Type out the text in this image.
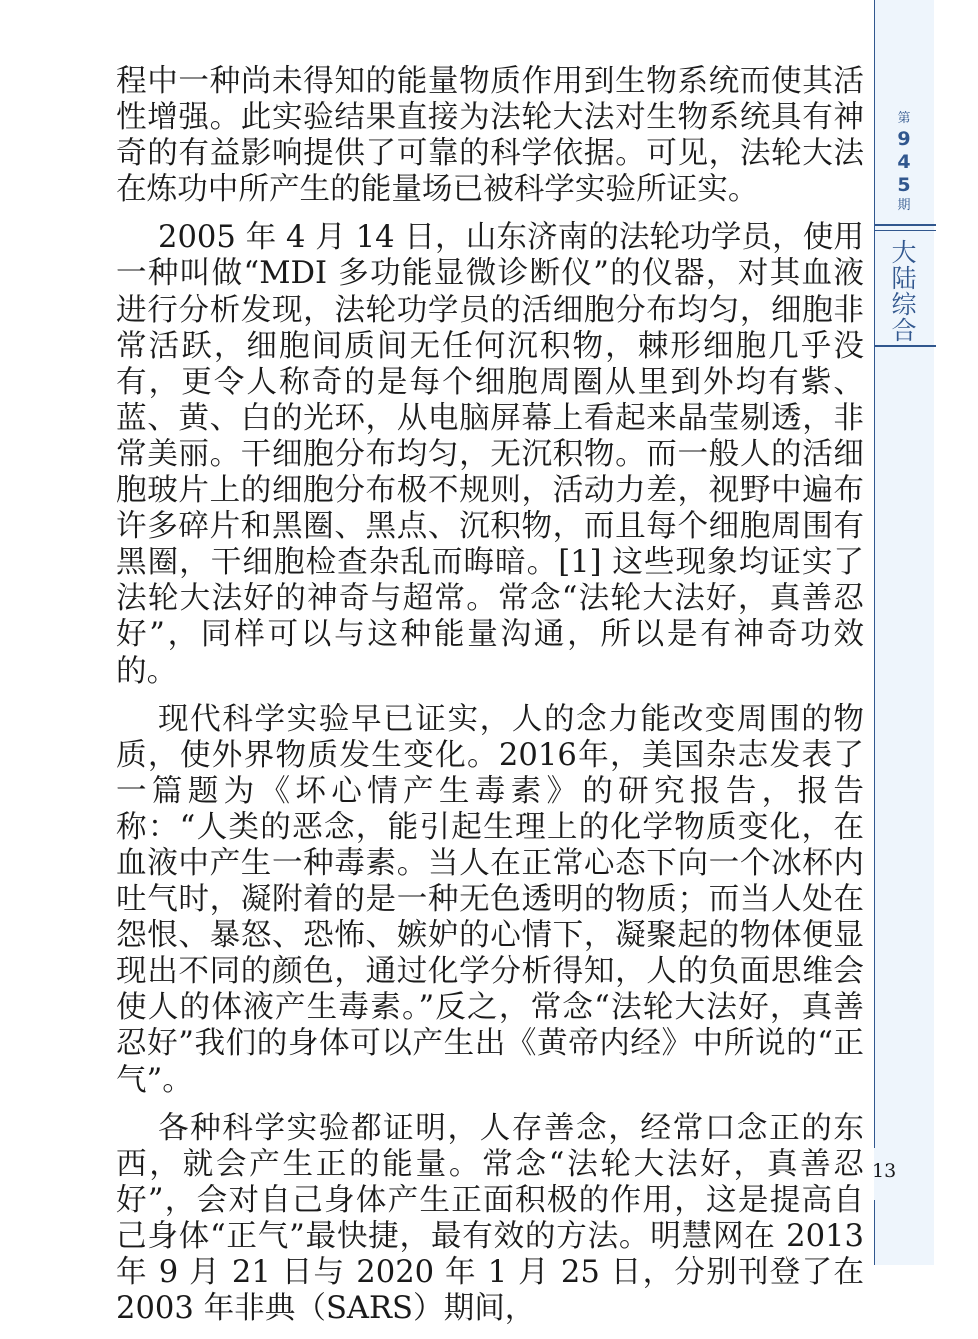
第
9
4
5
期
大
陆
综
合

程中一种尚未得知的能量物质作用到生物系统而使其活性增强。此实验结果直接为法轮大法对生物系统具有神奇的有益影响提供了可靠的科学依据。可见，法轮大法在炼功中所产生的能量场已被科学实验所证实。

2005 年 4 月 14 日，山东济南的法轮功学员，使用一种叫做“MDI 多功能显微诊断仪”的仪器，对其血液进行分析发现，法轮功学员的活细胞分布均匀，细胞非常活跃，细胞间质间无任何沉积物，棘形细胞几乎没有，更令人称奇的是每个细胞周圈从里到外均有紫、蓝、黄、白的光环，从电脑屏幕上看起来晶莹剔透，非常美丽。干细胞分布均匀，无沉积物。而一般人的活细胞玻片上的细胞分布极不规则，活动力差，视野中遍布许多碎片和黑圈、黑点、沉积物，而且每个细胞周围有黑圈，干细胞检查杂乱而晦暗。[1] 这些现象均证实了法轮大法好的神奇与超常。常念“法轮大法好，真善忍好”，同样可以与这种能量沟通，所以是有神奇功效的。

现代科学实验早已证实，人的念力能改变周围的物质，使外界物质发生变化。2016年，美国杂志发表了一篇题为《坏心情产生毒素》的研究报告，报告称：“人类的恶念，能引起生理上的化学物质变化，在血液中产生一种毒素。当人在正常心态下向一个冰杯内吐气时，凝附着的是一种无色透明的物质；而当人处在怨恨、暴怒、恐怖、嫉妒的心情下，凝聚起的物体便显现出不同的颜色，通过化学分析得知，人的负面思维会使人的体液产生毒素。”反之，常念“法轮大法好，真善忍好”我们的身体可以产生出《黄帝内经》中所说的“正气”。

各种科学实验都证明，人存善念，经常口念正的东西，就会产生正的能量。常念“法轮大法好，真善忍好”，会对自己身体产生正面积极的作用，这是提高自己身体“正气”最快捷，最有效的方法。明慧网在 2013 年 9 月 21 日与 2020 年 1 月 25 日，分别刊登了在 2003 年非典（SARS）期间，

13
